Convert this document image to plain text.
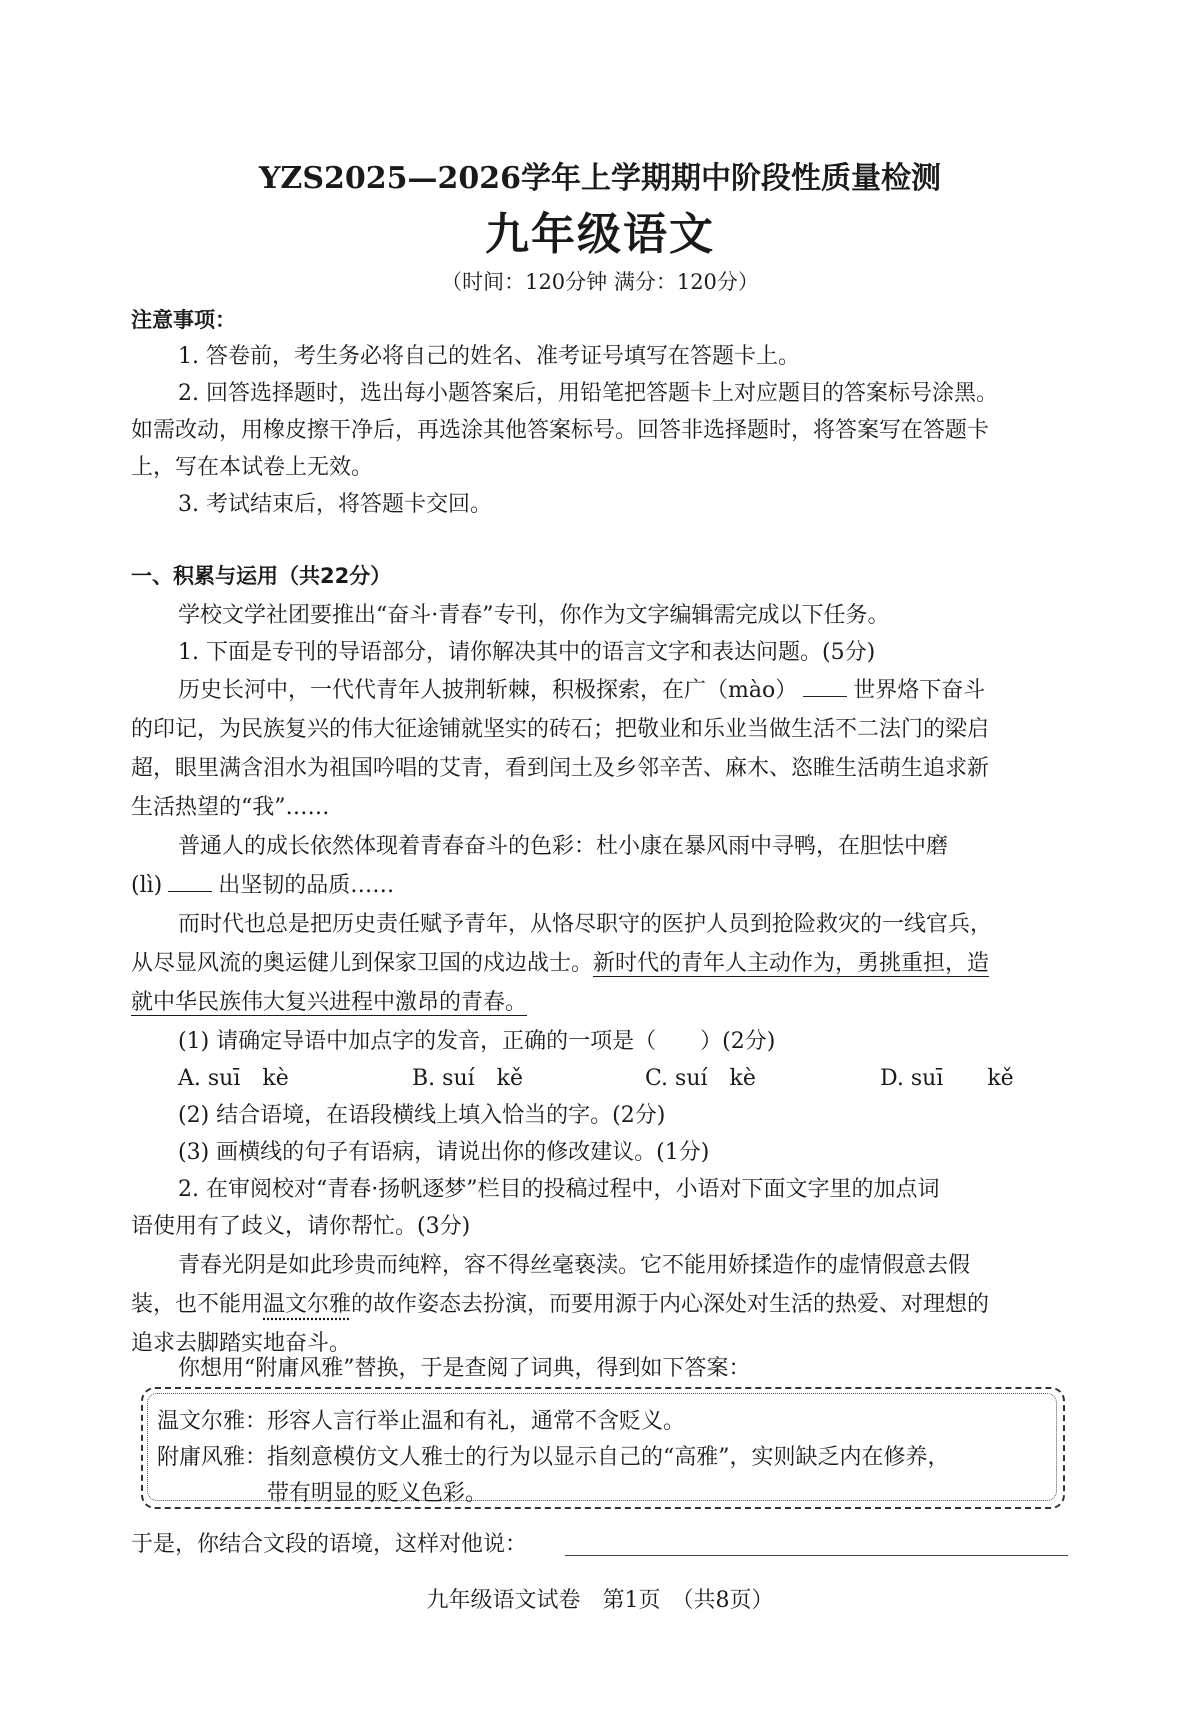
YZS2025—2026学年上学期期中阶段性质量检测
九年级语文
（时间：120分钟 满分：120分）
注意事项：
1. 答卷前，考生务必将自己的姓名、准考证号填写在答题卡上。
2. 回答选择题时，选出每小题答案后，用铅笔把答题卡上对应题目的答案标号涂黑。
如需改动，用橡皮擦干净后，再选涂其他答案标号。回答非选择题时，将答案写在答题卡
上，写在本试卷上无效。
3. 考试结束后，将答题卡交回。
一、积累与运用（共22分）
学校文学社团要推出“奋斗·青春”专刊，你作为文字编辑需完成以下任务。
1. 下面是专刊的导语部分，请你解决其中的语言文字和表达问题。(5分)
历史长河中，一代代青年人披荆斩棘，积极探索，在广（mào）	世界烙下奋斗
的印记，为民族复兴的伟大征途铺就坚实的砖石；把敬业和乐业当做生活不二法门的梁启
超，眼里满含泪水为祖国吟唱的艾青，看到闰土及乡邻辛苦、麻木、恣睢生活萌生追求新
生活热望的“我”……
普通人的成长依然体现着青春奋斗的色彩：杜小康在暴风雨中寻鸭，在胆怯中磨
(lì)	出坚韧的品质……
而时代也总是把历史责任赋予青年，从恪尽职守的医护人员到抢险救灾的一线官兵，
从尽显风流的奥运健儿到保家卫国的戍边战士。新时代的青年人主动作为，勇挑重担，造
就中华民族伟大复兴进程中激昂的青春。
(1) 请确定导语中加点字的发音，正确的一项是（　　）(2分)
A. suī　kè	B. suí　kě	C. suí　kè	D. suī　　kě
(2) 结合语境，在语段横线上填入恰当的字。(2分)
(3) 画横线的句子有语病，请说出你的修改建议。(1分)
2. 在审阅校对“青春·扬帆逐梦”栏目的投稿过程中，小语对下面文字里的加点词
语使用有了歧义，请你帮忙。(3分)
青春光阴是如此珍贵而纯粹，容不得丝毫亵渎。它不能用娇揉造作的虚情假意去假
装，也不能用温文尔雅的故作姿态去扮演，而要用源于内心深处对生活的热爱、对理想的
追求去脚踏实地奋斗。
你想用“附庸风雅”替换，于是查阅了词典，得到如下答案：
温文尔雅：形容人言行举止温和有礼，通常不含贬义。
附庸风雅：指刻意模仿文人雅士的行为以显示自己的“高雅”，实则缺乏内在修养，
带有明显的贬义色彩。
于是，你结合文段的语境，这样对他说：
九年级语文试卷　第1页　（共8页）
